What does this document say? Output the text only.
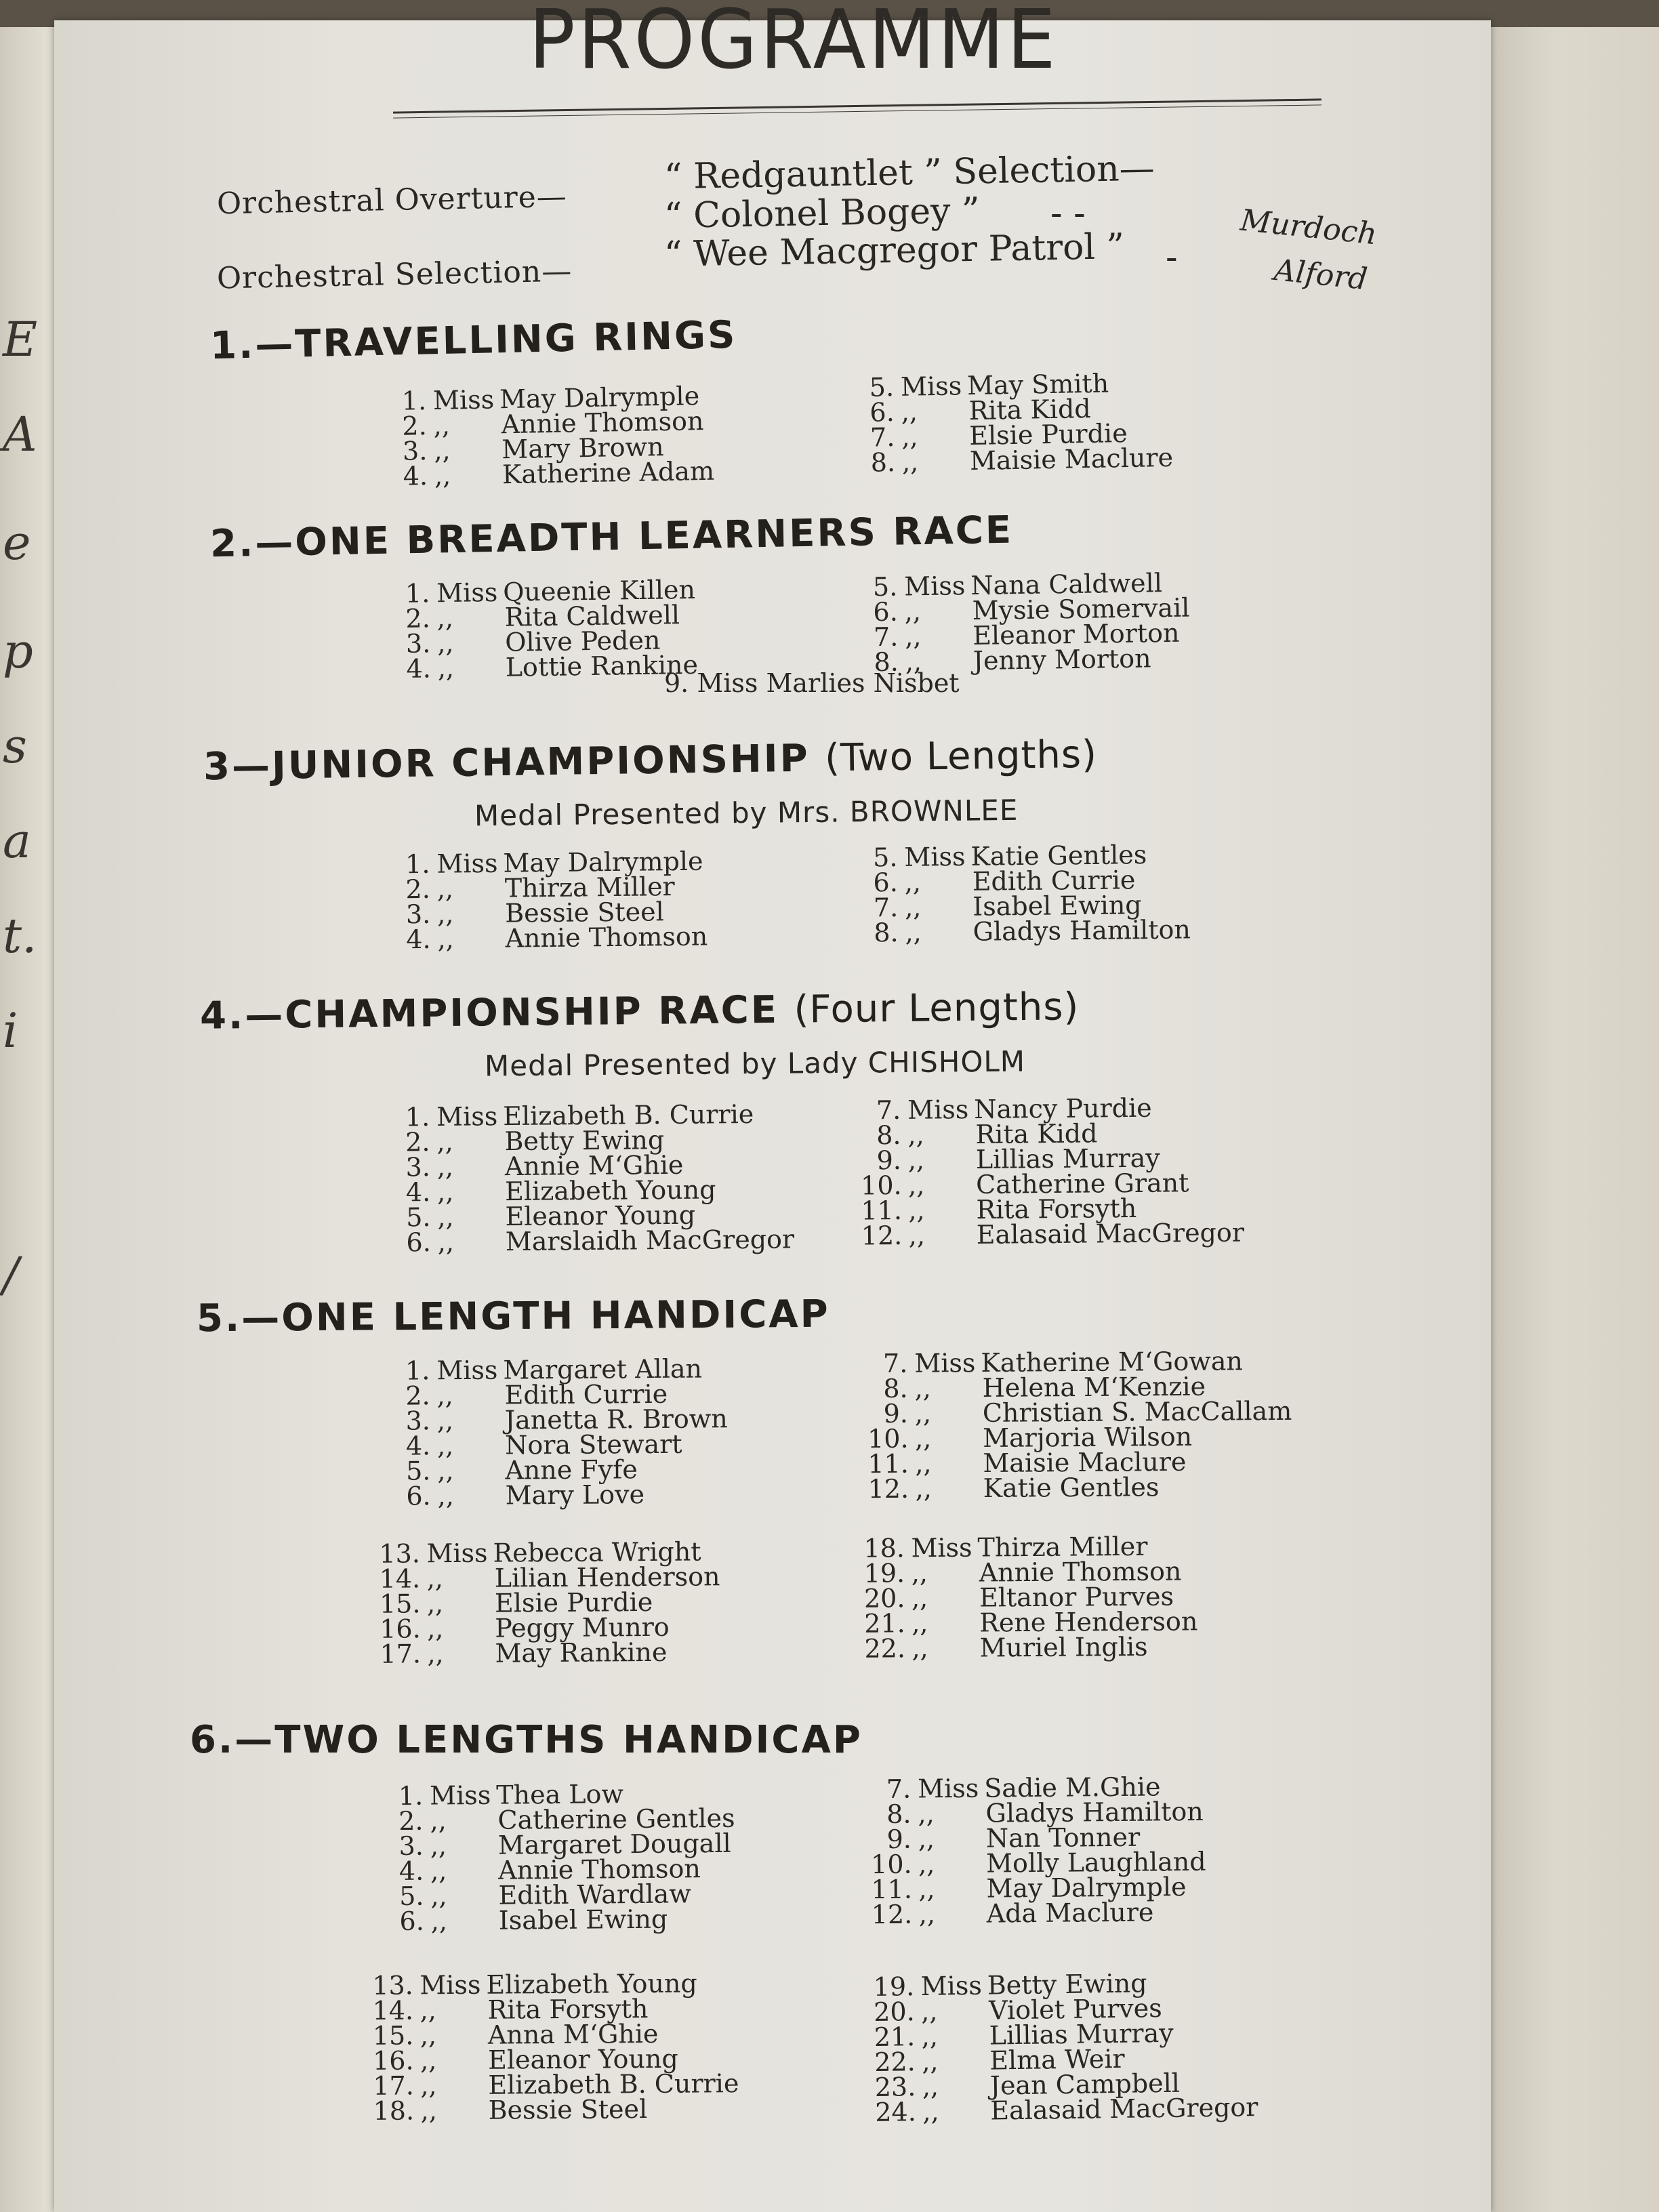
E
A
e
p
s
a
t.
i
/
PROGRAMME
Orchestral Overture—
“ Redgauntlet ” Selection—
“ Colonel Bogey ” - -
Orchestral Selection—	“ Wee Macgregor Patrol ” -
Murdoch
Alford
1.—TRAVELLING RINGS
1. Miss May Dalrymple
2. ,, Annie Thomson
3. ,, Mary Brown
4. ,, Katherine Adam
5. Miss May Smith
6. ,, Rita Kidd
7. ,, Elsie Purdie
8. ,, Maisie Maclure
2.—ONE BREADTH LEARNERS RACE
1. Miss Queenie Killen
2. ,, Rita Caldwell
3. ,, Olive Peden
4. ,, Lottie Rankine
5. Miss Nana Caldwell
6. ,, Mysie Somervail
7. ,, Eleanor Morton
8. ,, Jenny Morton
9. Miss Marlies Nisbet
3—JUNIOR CHAMPIONSHIP (Two Lengths)
Medal Presented by Mrs. BROWNLEE
1. Miss May Dalrymple
2. ,, Thirza Miller
3. ,, Bessie Steel
4. ,, Annie Thomson
5. Miss Katie Gentles
6. ,, Edith Currie
7. ,, Isabel Ewing
8. ,, Gladys Hamilton
4.—CHAMPIONSHIP RACE (Four Lengths)
Medal Presented by Lady CHISHOLM
1. Miss Elizabeth B. Currie
2. ,, Betty Ewing
3. ,, Annie M‘Ghie
4. ,, Elizabeth Young
5. ,, Eleanor Young
6. ,, Marslaidh MacGregor
7. Miss Nancy Purdie
8. ,, Rita Kidd
9. ,, Lillias Murray
10. ,, Catherine Grant
11. ,, Rita Forsyth
12. ,, Ealasaid MacGregor
5.—ONE LENGTH HANDICAP
1. Miss Margaret Allan
2. ,, Edith Currie
3. ,, Janetta R. Brown
4. ,, Nora Stewart
5. ,, Anne Fyfe
6. ,, Mary Love
7. Miss Katherine M‘Gowan
8. ,, Helena M‘Kenzie
9. ,, Christian S. MacCallam
10. ,, Marjoria Wilson
11. ,, Maisie Maclure
12. ,, Katie Gentles
13. Miss Rebecca Wright
14. ,, Lilian Henderson
15. ,, Elsie Purdie
16. ,, Peggy Munro
17. ,, May Rankine
18. Miss Thirza Miller
19. ,, Annie Thomson
20. ,, Eltanor Purves
21. ,, Rene Henderson
22. ,, Muriel Inglis
6.—TWO LENGTHS HANDICAP
1. Miss Thea Low
2. ,, Catherine Gentles
3. ,, Margaret Dougall
4. ,, Annie Thomson
5. ,, Edith Wardlaw
6. ,, Isabel Ewing
7. Miss Sadie M.Ghie
8. ,, Gladys Hamilton
9. ,, Nan Tonner
10. ,, Molly Laughland
11. ,, May Dalrymple
12. ,, Ada Maclure
13. Miss Elizabeth Young
14. ,, Rita Forsyth
15. ,, Anna M‘Ghie
16. ,, Eleanor Young
17. ,, Elizabeth B. Currie
18. ,, Bessie Steel
19. Miss Betty Ewing
20. ,, Violet Purves
21. ,, Lillias Murray
22. ,, Elma Weir
23. ,, Jean Campbell
24. ,, Ealasaid MacGregor
